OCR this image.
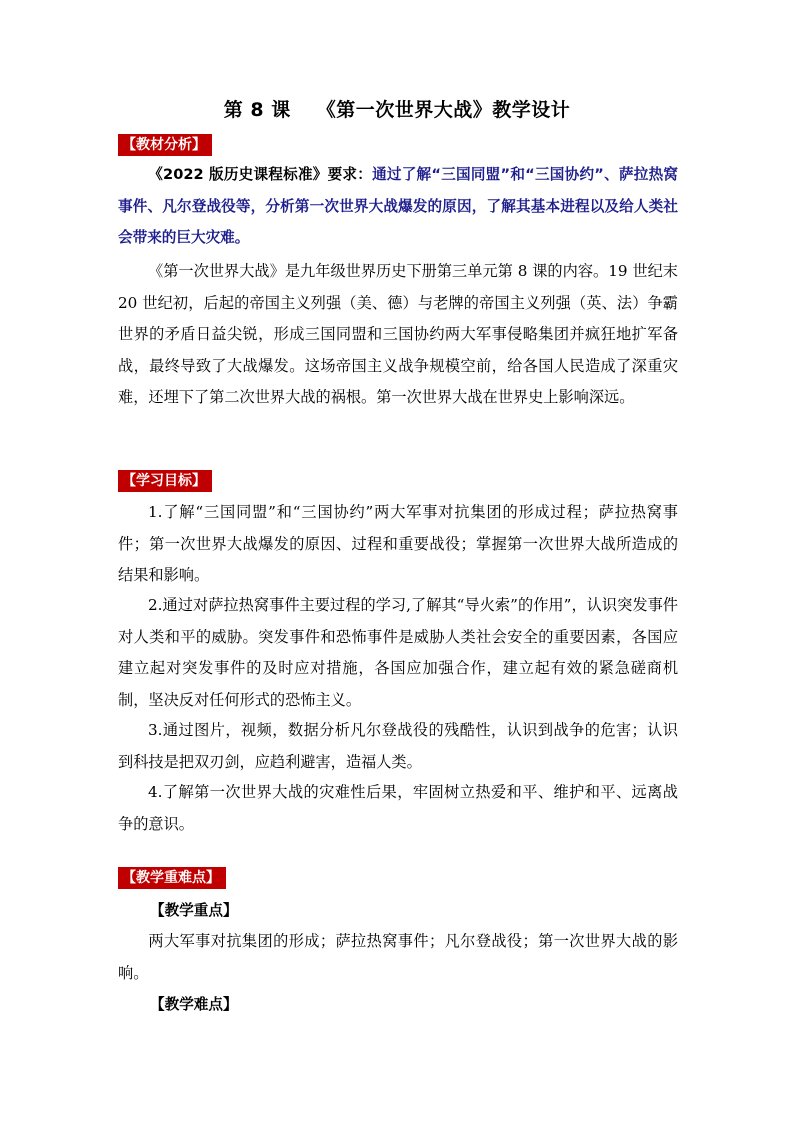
第 8 课 《第一次世界大战》教学设计
【教材分析】
《2022 版历史课程标准》要求：通过了解“三国同盟”和“三国协约”、萨拉热窝事件、凡尔登战役等，分析第一次世界大战爆发的原因，了解其基本进程以及给人类社会带来的巨大灾难。
《第一次世界大战》是九年级世界历史下册第三单元第 8 课的内容。19 世纪末 20 世纪初，后起的帝国主义列强（美、德）与老牌的帝国主义列强（英、法）争霸世界的矛盾日益尖锐，形成三国同盟和三国协约两大军事侵略集团并疯狂地扩军备战，最终导致了大战爆发。这场帝国主义战争规模空前，给各国人民造成了深重灾难，还埋下了第二次世界大战的祸根。第一次世界大战在世界史上影响深远。
【学习目标】
1.了解“三国同盟”和“三国协约”两大军事对抗集团的形成过程；萨拉热窝事件；第一次世界大战爆发的原因、过程和重要战役；掌握第一次世界大战所造成的结果和影响。
2.通过对萨拉热窝事件主要过程的学习,了解其“导火索”的作用”，认识突发事件对人类和平的威胁。突发事件和恐怖事件是威胁人类社会安全的重要因素，各国应建立起对突发事件的及时应对措施，各国应加强合作，建立起有效的紧急磋商机制，坚决反对任何形式的恐怖主义。
3.通过图片，视频，数据分析凡尔登战役的残酷性，认识到战争的危害；认识到科技是把双刃剑，应趋利避害，造福人类。
4.了解第一次世界大战的灾难性后果，牢固树立热爱和平、维护和平、远离战争的意识。
【教学重难点】
【教学重点】
两大军事对抗集团的形成；萨拉热窝事件；凡尔登战役；第一次世界大战的影响。
【教学难点】
